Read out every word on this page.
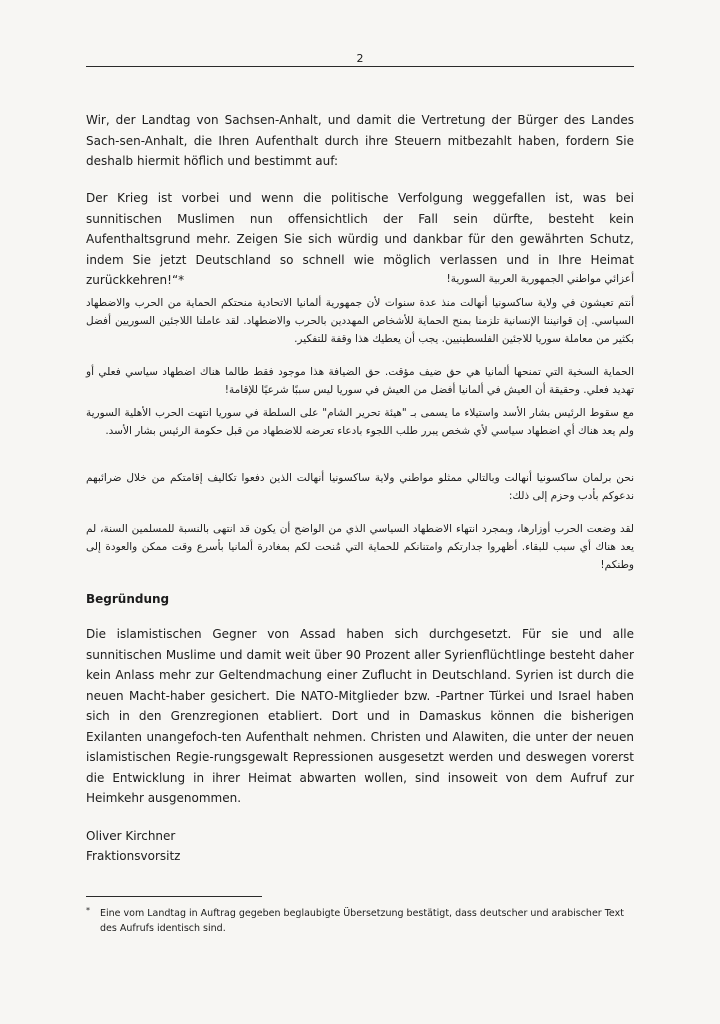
2

Wir, der Landtag von Sachsen-Anhalt, und damit die Vertretung der Bürger des Landes Sach-sen-Anhalt, die Ihren Aufenthalt durch ihre Steuern mitbezahlt haben, fordern Sie deshalb hiermit höflich und bestimmt auf:

Der Krieg ist vorbei und wenn die politische Verfolgung weggefallen ist, was bei sunnitischen Muslimen nun offensichtlich der Fall sein dürfte, besteht kein Aufenthaltsgrund mehr. Zeigen Sie sich würdig und dankbar für den gewährten Schutz, indem Sie jetzt Deutschland so schnell wie möglich verlassen und in Ihre Heimat zurückkehren!“*	أعزائي مواطني الجمهورية العربية السورية!

أنتم تعيشون في ولاية ساكسونيا أنهالت منذ عدة سنوات لأن جمهورية ألمانيا الاتحادية منحتكم الحماية من الحرب والاضطهاد السياسي. إن قوانيننا الإنسانية تلزمنا بمنح الحماية للأشخاص المهددين بالحرب والاضطهاد. لقد عاملنا اللاجئين السوريين أفضل بكثير من معاملة سوريا للاجئين الفلسطينيين. يجب أن يعطيك هذا وقفة للتفكير.

الحماية السخية التي تمنحها ألمانيا هي حق ضيف مؤقت. حق الضيافة هذا موجود فقط طالما هناك اضطهاد سياسي فعلي أو تهديد فعلي. وحقيقة أن العيش في ألمانيا أفضل من العيش في سوريا ليس سببًا شرعيًا للإقامة!

مع سقوط الرئيس بشار الأسد واستيلاء ما يسمى بـ "هيئة تحرير الشام" على السلطة في سوريا انتهت الحرب الأهلية السورية ولم يعد هناك أي اضطهاد سياسي لأي شخص يبرر طلب اللجوء بادعاء تعرضه للاضطهاد من قبل حكومة الرئيس بشار الأسد.

نحن برلمان ساكسونيا أنهالت وبالتالي ممثلو مواطني ولاية ساكسونيا أنهالت الذين دفعوا تكاليف إقامتكم من خلال ضرائبهم ندعوكم بأدب وحزم إلى ذلك:

لقد وضعت الحرب أوزارها، وبمجرد انتهاء الاضطهاد السياسي الذي من الواضح أن يكون قد انتهى بالنسبة للمسلمين السنة، لم يعد هناك أي سبب للبقاء. أظهروا جدارتكم وامتنانكم للحماية التي مُنحت لكم بمغادرة ألمانيا بأسرع وقت ممكن والعودة إلى وطنكم!

Begründung

Die islamistischen Gegner von Assad haben sich durchgesetzt. Für sie und alle sunnitischen Muslime und damit weit über 90 Prozent aller Syrienflüchtlinge besteht daher kein Anlass mehr zur Geltendmachung einer Zuflucht in Deutschland. Syrien ist durch die neuen Macht-haber gesichert. Die NATO-Mitglieder bzw. -Partner Türkei und Israel haben sich in den Grenzregionen etabliert. Dort und in Damaskus können die bisherigen Exilanten unangefoch-ten Aufenthalt nehmen. Christen und Alawiten, die unter der neuen islamistischen Regie-rungsgewalt Repressionen ausgesetzt werden und deswegen vorerst die Entwicklung in ihrer Heimat abwarten wollen, sind insoweit von dem Aufruf zur Heimkehr ausgenommen.

Oliver Kirchner
Fraktionsvorsitz
*	Eine vom Landtag in Auftrag gegeben beglaubigte Übersetzung bestätigt, dass deutscher und arabischer Text des Aufrufs identisch sind.
